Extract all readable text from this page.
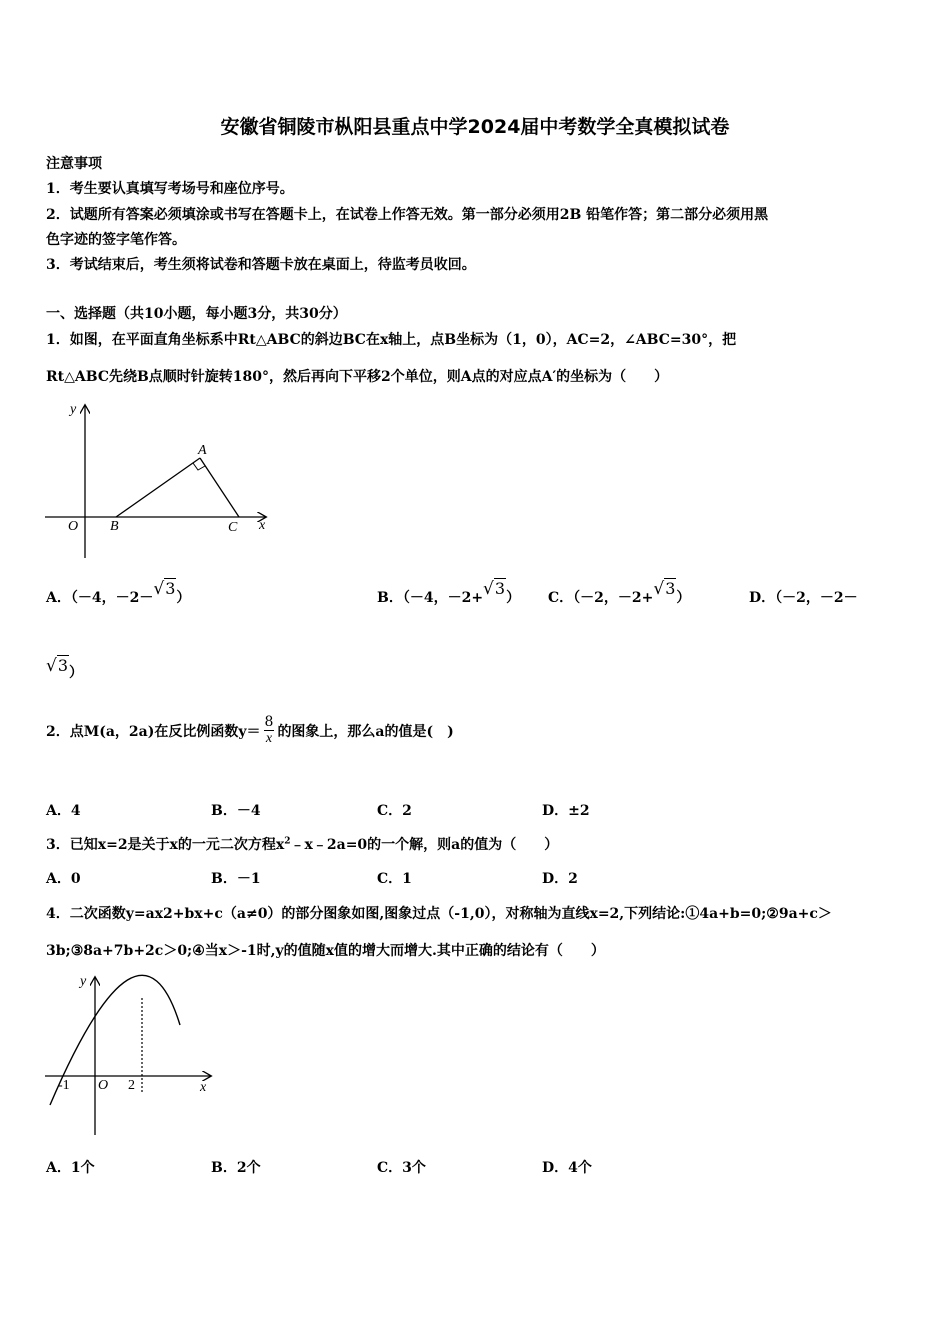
安徽省铜陵市枞阳县重点中学2024届中考数学全真模拟试卷
注意事项
1．考生要认真填写考场号和座位序号。
2．试题所有答案必须填涂或书写在答题卡上，在试卷上作答无效。第一部分必须用2B 铅笔作答；第二部分必须用黑
色字迹的签字笔作答。
3．考试结束后，考生须将试卷和答题卡放在桌面上，待监考员收回。
一、选择题（共10小题，每小题3分，共30分）
1．如图，在平面直角坐标系中Rt△ABC的斜边BC在x轴上，点B坐标为（1，0），AC=2，∠ABC=30°，把
Rt△ABC先绕B点顺时针旋转180°，然后再向下平移2个单位，则A点的对应点A′的坐标为（　　）
y
A
O B	C x
A．（－4，－2－√3）	B．（－4，－2+√3） C．（－2，－2+√3）	D．（－2，－2－
√3）
2．点M(a，2a)在反比例函数$y= \frac{8}{x}$ 的图象上，那么a的值是(　)
A．4	B．－4	C．2	D．±2
3．已知x=2是关于x的一元二次方程$x^2﹣x﹣2a=0$的一个解，则a的值为（　　）
A．0	B．－1	C．1	D．2
4．二次函数y=ax2+bx+c（a≠0）的部分图象如图,图象过点（-1,0），对称轴为直线x=2,下列结论:①4a+b=0;②9a+c＞
3b;③8a+7b+2c＞0;④当x＞-1时,y的值随x值的增大而增大.其中正确的结论有（　　）
y
-1 O 2	x
A．1个	B．2个	C．3个	D．4个
